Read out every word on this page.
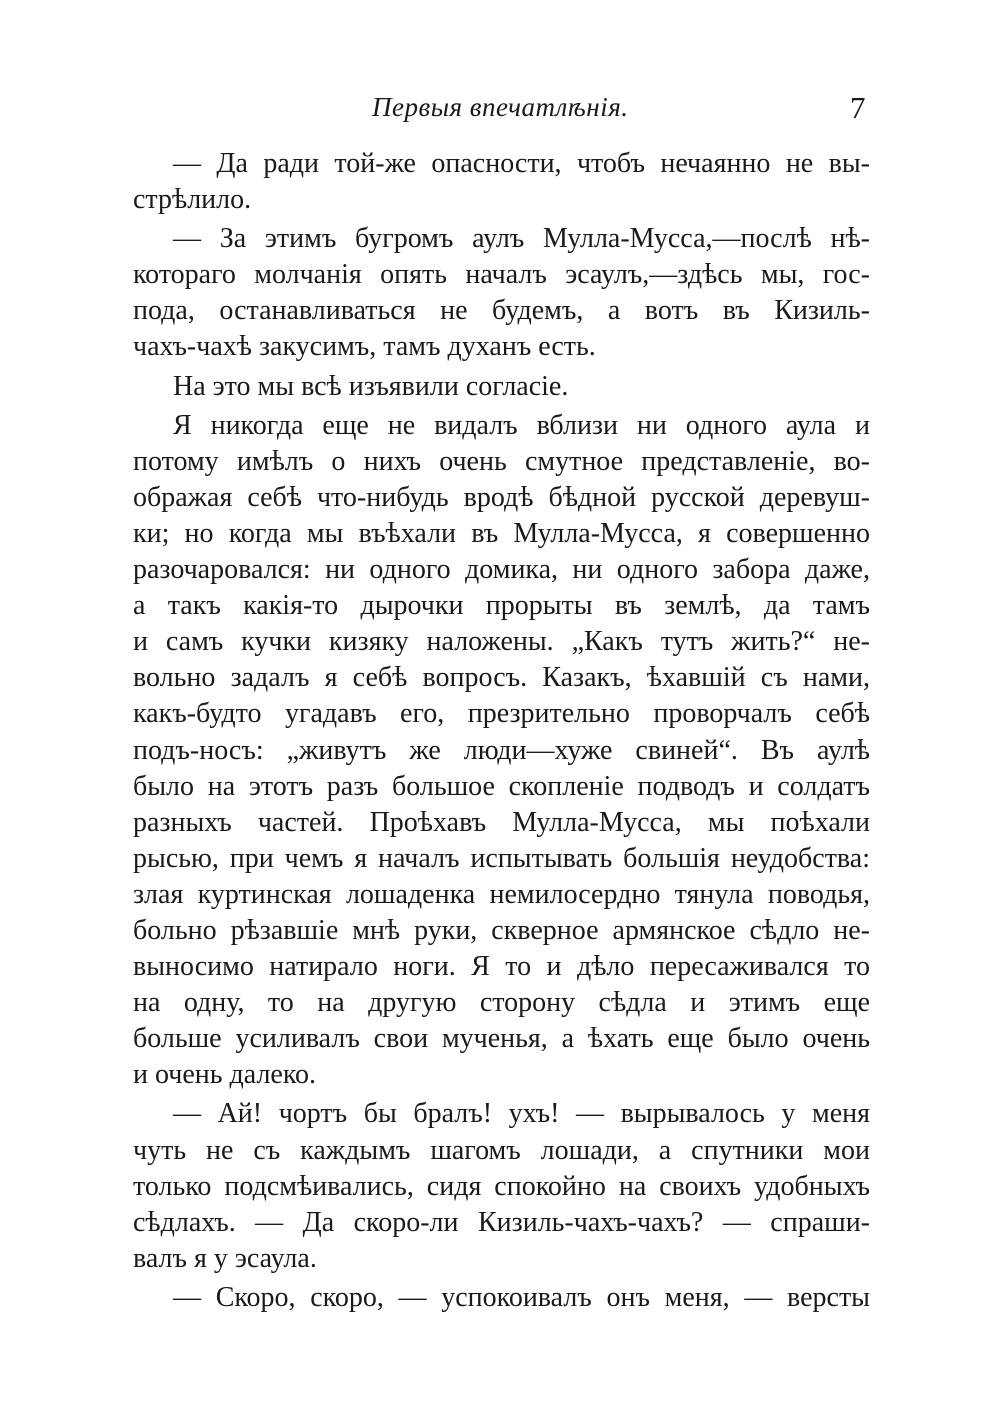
Первыя впечатлѣнія.	7
— Да ради той-же опасности, чтобъ нечаянно не вы-
стрѣлило.
— За этимъ бугромъ аулъ Мулла-Мусса,—послѣ нѣ-
котораго молчанія опять началъ эсаулъ,—здѣсь мы, гос-
пода, останавливаться не будемъ, а вотъ въ Кизиль-
чахъ-чахѣ закусимъ, тамъ духанъ есть.
На это мы всѣ изъявили согласіе.
Я никогда еще не видалъ вблизи ни одного аула и
потому имѣлъ о нихъ очень смутное представленіе, во-
ображая себѣ что-нибудь вродѣ бѣдной русской деревуш-
ки; но когда мы въѣхали въ Мулла-Мусса, я совершенно
разочаровался: ни одного домика, ни одного забора даже,
а такъ какія-то дырочки прорыты въ землѣ, да тамъ
и самъ кучки кизяку наложены. „Какъ тутъ жить?“ не-
вольно задалъ я себѣ вопросъ. Казакъ, ѣхавшій съ нами,
какъ-будто угадавъ его, презрительно проворчалъ себѣ
подъ-носъ: „живутъ же люди—хуже свиней“. Въ аулѣ
было на этотъ разъ большое скопленіе подводъ и солдатъ
разныхъ частей. Проѣхавъ Мулла-Мусса, мы поѣхали
рысью, при чемъ я началъ испытывать большія неудобства:
злая куртинская лошаденка немилосердно тянула поводья,
больно рѣзавшіе мнѣ руки, скверное армянское сѣдло не-
выносимо натирало ноги. Я то и дѣло пересаживался то
на одну, то на другую сторону сѣдла и этимъ еще
больше усиливалъ свои мученья, а ѣхать еще было очень
и очень далеко.
— Ай! чортъ бы бралъ! ухъ! — вырывалось у меня
чуть не съ каждымъ шагомъ лошади, а спутники мои
только подсмѣивались, сидя спокойно на своихъ удобныхъ
сѣдлахъ. — Да скоро-ли Кизиль-чахъ-чахъ? — спраши-
валъ я у эсаула.
— Скоро, скоро, — успокоивалъ онъ меня, — версты
